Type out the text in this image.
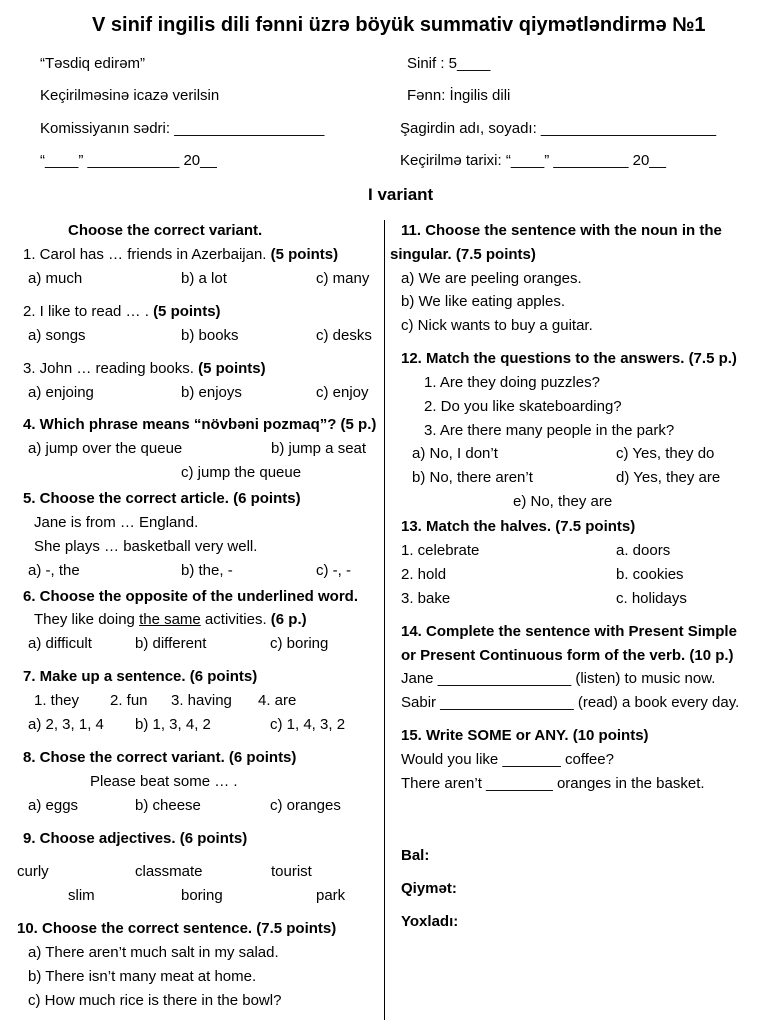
V sinif ingilis dili fənni üzrə böyük summativ qiymətləndirmə №1
“Təsdiq edirəm”	Sinif : 5____
Keçirilməsinə icazə verilsin	Fənn: İngilis dili
Komissiyanın sədri: __________________	Şagirdin adı, soyadı: _____________________
“____” ___________ 20__	Keçirilmə tarixi: “____” _________ 20__
I variant
Choose the correct variant.
1. Carol has … friends in Azerbaijan. (5 points)
a) much	b) a lot	c) many
2. I like to read … . (5 points)
a) songs	b) books	c) desks
3. John … reading books. (5 points)
a) enjoing	b) enjoys	c) enjoy
4. Which phrase means “növbəni pozmaq”? (5 p.)
a) jump over the queue	b) jump a seat
c) jump the queue
5. Choose the correct article. (6 points)
Jane is from … England.
She plays … basketball very well.
a) -, the	b) the, -	c) -, -
6. Choose the opposite of the underlined word.
They like doing the same activities. (6 p.)
a) difficult	b) different	c) boring
7. Make up a sentence. (6 points)
1. they 2. fun 3. having 4. are
a) 2, 3, 1, 4 b) 1, 3, 4, 2	c) 1, 4, 3, 2
8. Chose the correct variant. (6 points)
Please beat some … .
a) eggs	b) cheese	c) oranges
9. Choose adjectives. (6 points)
curly	classmate	tourist
slim	boring	park
10. Choose the correct sentence. (7.5 points)
a) There aren’t much salt in my salad.
b) There isn’t many meat at home.
c) How much rice is there in the bowl?
11. Choose the sentence with the noun in the
singular. (7.5 points)
a) We are peeling oranges.
b) We like eating apples.
c) Nick wants to buy a guitar.
12. Match the questions to the answers. (7.5 p.)
1. Are they doing puzzles?
2. Do you like skateboarding?
3. Are there many people in the park?
a) No, I don’t	c) Yes, they do
b) No, there aren’t	d) Yes, they are
e) No, they are
13. Match the halves. (7.5 points)
1. celebrate	a. doors
2. hold	b. cookies
3. bake	c. holidays
14. Complete the sentence with Present Simple
or Present Continuous form of the verb. (10 p.)
Jane ________________ (listen) to music now.
Sabir ________________ (read) a book every day.
15. Write SOME or ANY. (10 points)
Would you like _______ coffee?
There aren’t ________ oranges in the basket.
Bal:
Qiymət:
Yoxladı:
